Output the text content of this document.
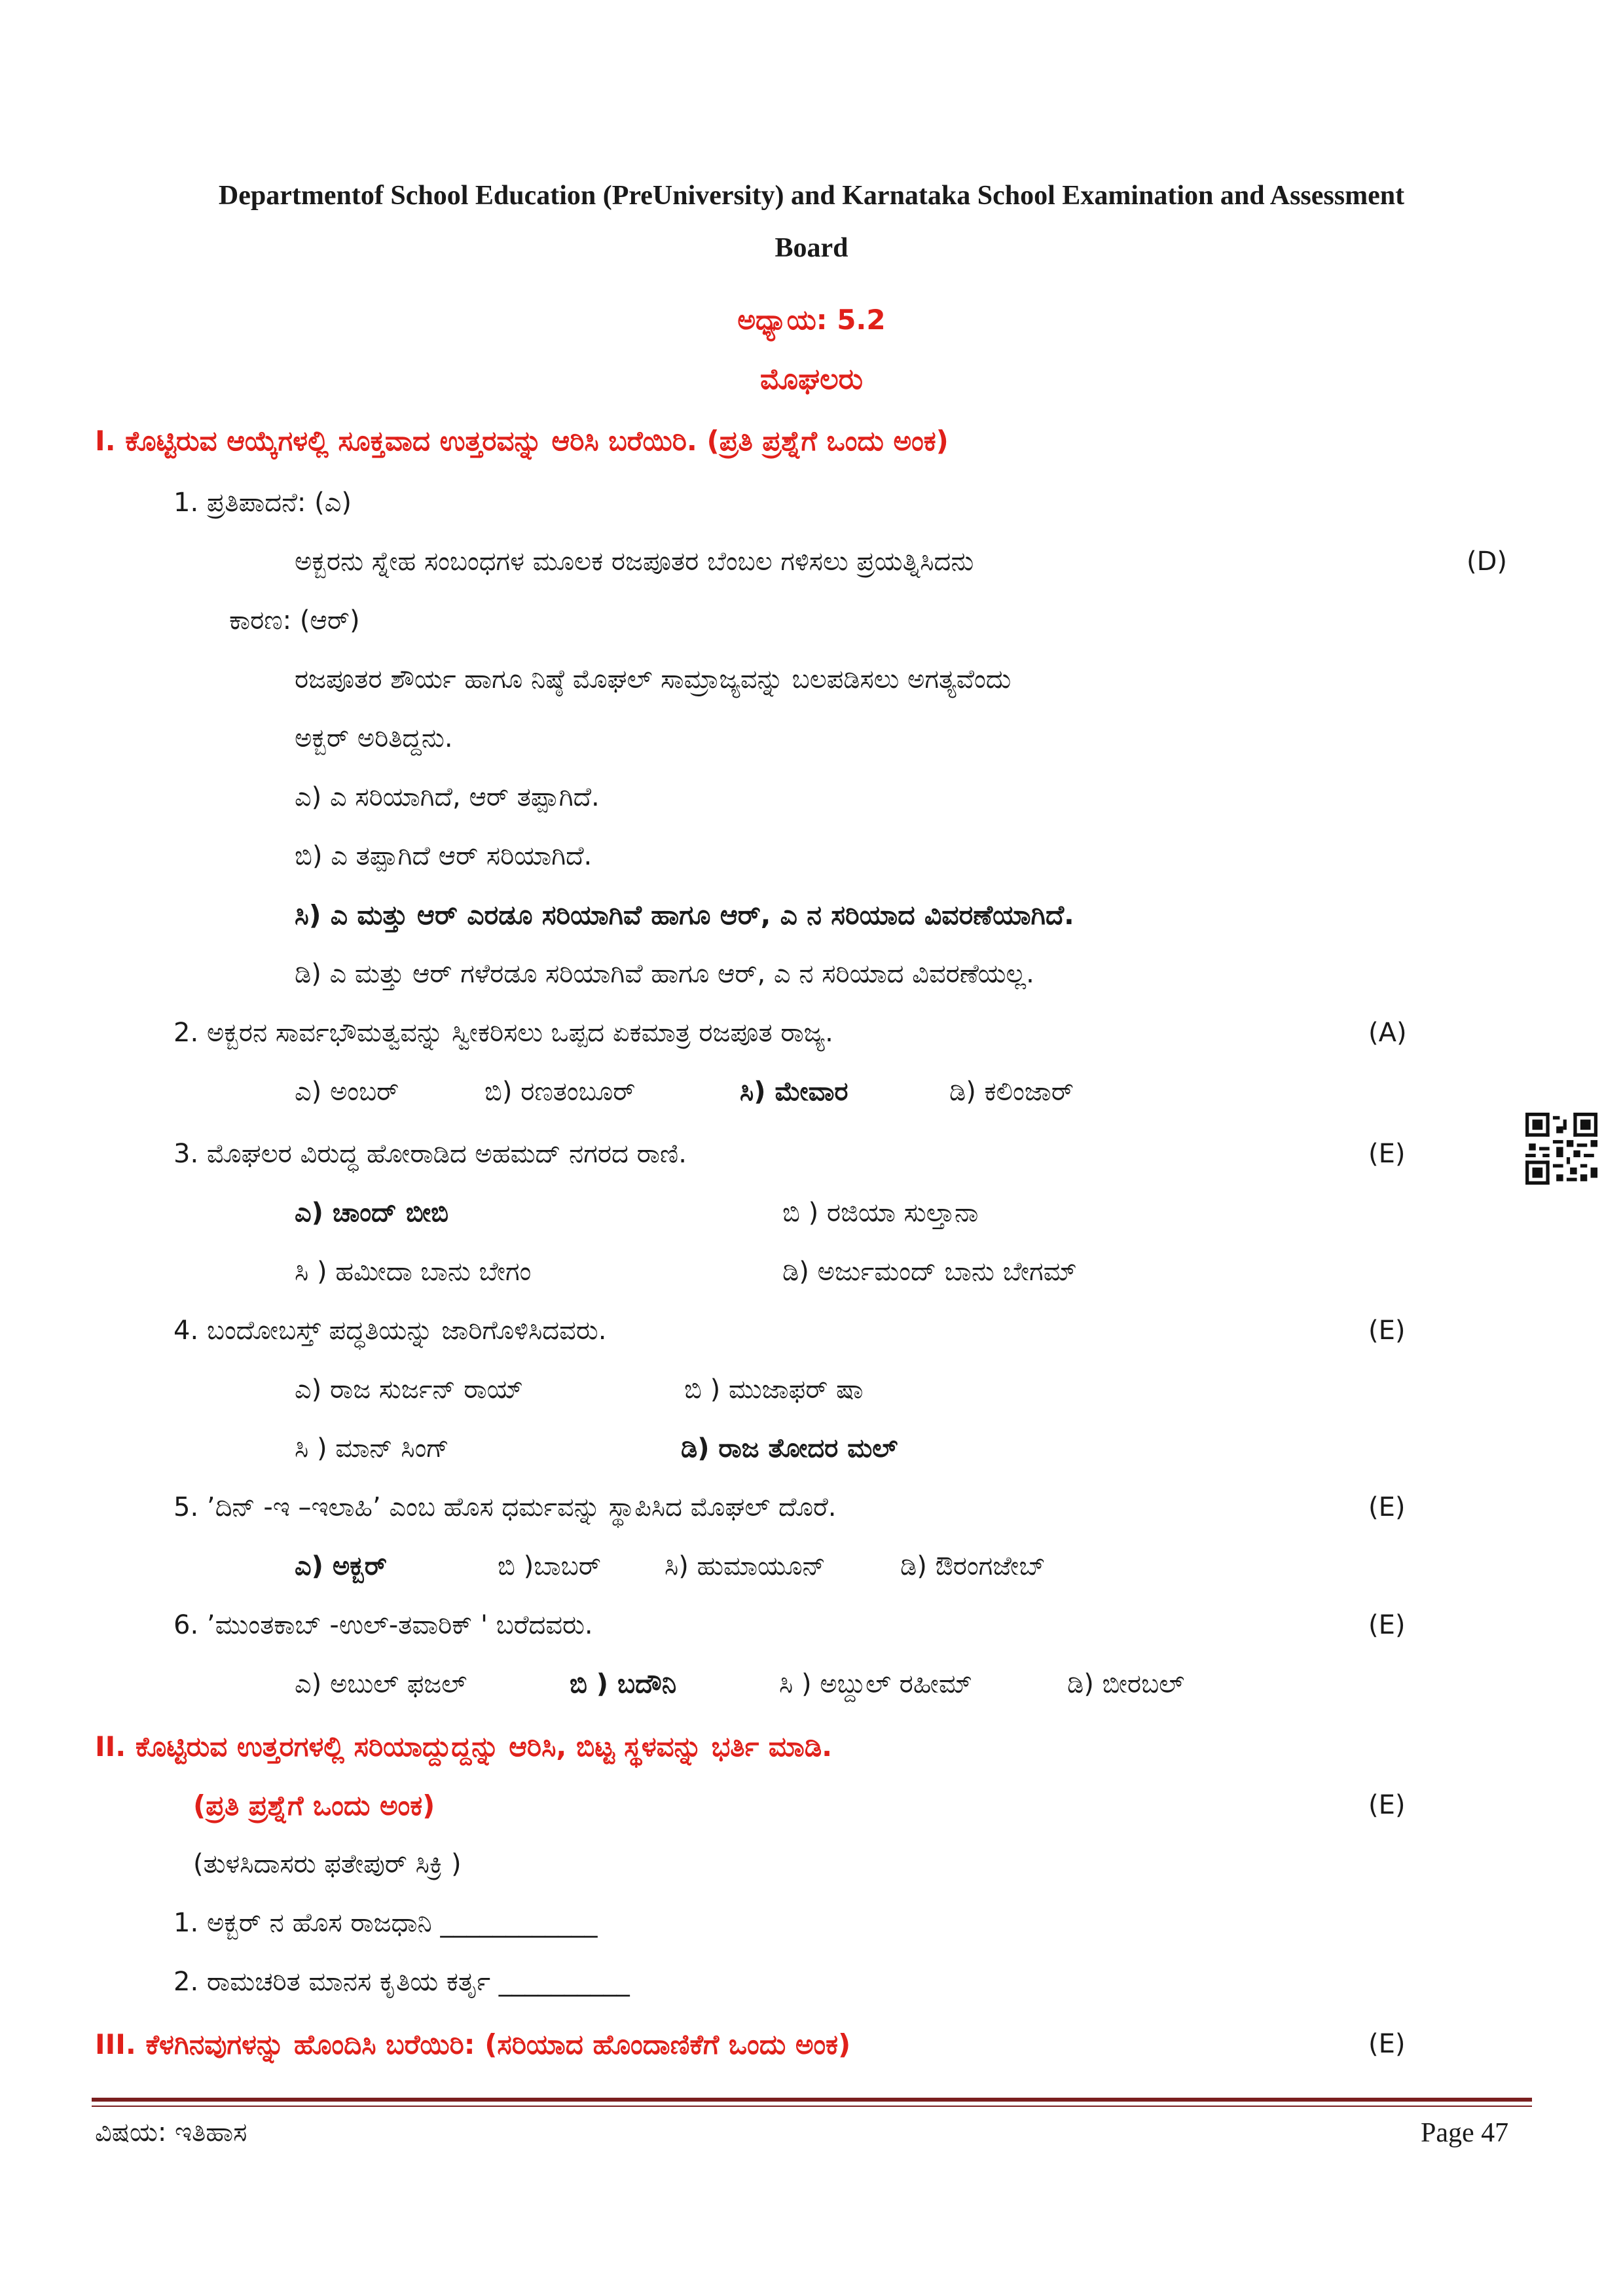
Departmentof School Education (PreUniversity) and Karnataka School Examination and Assessment
Board
ಅಧ್ಯಾಯ: 5.2
ಮೊಘಲರು
I. ಕೊಟ್ಟಿರುವ ಆಯ್ಕೆಗಳಲ್ಲಿ ಸೂಕ್ತವಾದ ಉತ್ತರವನ್ನು ಆರಿಸಿ ಬರೆಯಿರಿ. (ಪ್ರತಿ ಪ್ರಶ್ನೆಗೆ ಒಂದು ಅಂಕ)
1. ಪ್ರತಿಪಾದನೆ: (ಎ)
ಅಕ್ಬರನು ಸ್ನೇಹ ಸಂಬಂಧಗಳ ಮೂಲಕ ರಜಪೂತರ ಬೆಂಬಲ ಗಳಿಸಲು ಪ್ರಯತ್ನಿಸಿದನು	(D)
ಕಾರಣ: (ಆರ್)
ರಜಪೂತರ ಶೌರ್ಯ ಹಾಗೂ ನಿಷ್ಠೆ ಮೊಘಲ್ ಸಾಮ್ರಾಜ್ಯವನ್ನು ಬಲಪಡಿಸಲು ಅಗತ್ಯವೆಂದು
ಅಕ್ಬರ್ ಅರಿತಿದ್ದನು.
ಎ) ಎ ಸರಿಯಾಗಿದೆ, ಆರ್ ತಪ್ಪಾಗಿದೆ.
ಬಿ) ಎ ತಪ್ಪಾಗಿದೆ ಆರ್ ಸರಿಯಾಗಿದೆ.
ಸಿ) ಎ ಮತ್ತು ಆರ್ ಎರಡೂ ಸರಿಯಾಗಿವೆ ಹಾಗೂ ಆರ್, ಎ ನ ಸರಿಯಾದ ವಿವರಣೆಯಾಗಿದೆ.
ಡಿ) ಎ ಮತ್ತು ಆರ್ ಗಳೆರಡೂ ಸರಿಯಾಗಿವೆ ಹಾಗೂ ಆರ್, ಎ ನ ಸರಿಯಾದ ವಿವರಣೆಯಲ್ಲ.
2. ಅಕ್ಬರನ ಸಾರ್ವಭೌಮತ್ವವನ್ನು ಸ್ವೀಕರಿಸಲು ಒಪ್ಪದ ಏಕಮಾತ್ರ ರಜಪೂತ ರಾಜ್ಯ.	(A)
ಎ) ಅಂಬರ್	ಬಿ) ರಣತಂಬೂರ್	ಸಿ) ಮೇವಾರ	ಡಿ) ಕಲಿಂಜಾರ್
3. ಮೊಘಲರ ವಿರುದ್ಧ ಹೋರಾಡಿದ ಅಹಮದ್ ನಗರದ ರಾಣಿ.	(E)
ಎ) ಚಾಂದ್ ಬೀಬಿ	ಬಿ ) ರಜಿಯಾ ಸುಲ್ತಾನಾ
ಸಿ ) ಹಮೀದಾ ಬಾನು ಬೇಗಂ	ಡಿ) ಅರ್ಜುಮಂದ್ ಬಾನು ಬೇಗಮ್
4. ಬಂದೋಬಸ್ತ್ ಪದ್ಧತಿಯನ್ನು ಜಾರಿಗೊಳಿಸಿದವರು.	(E)
ಎ) ರಾಜ ಸುರ್ಜನ್ ರಾಯ್	ಬಿ ) ಮುಜಾಫರ್ ಷಾ
ಸಿ ) ಮಾನ್ ಸಿಂಗ್	ಡಿ) ರಾಜ ತೋದರ ಮಲ್
5. ’ದಿನ್ -ಇ –ಇಲಾಹಿ’ ಎಂಬ ಹೊಸ ಧರ್ಮವನ್ನು ಸ್ಥಾಪಿಸಿದ ಮೊಘಲ್ ದೊರೆ.	(E)
ಎ) ಅಕ್ಬರ್	ಬಿ )ಬಾಬರ್ ಸಿ) ಹುಮಾಯೂನ್	ಡಿ) ಔರಂಗಜೇಬ್
6. ’ಮುಂತಕಾಬ್ -ಉಲ್-ತವಾರಿಕ್ ' ಬರೆದವರು.	(E)
ಎ) ಅಬುಲ್ ಫಜಲ್	ಬಿ ) ಬದೌನಿ	ಸಿ ) ಅಬ್ದುಲ್ ರಹೀಮ್	ಡಿ) ಬೀರಬಲ್
II. ಕೊಟ್ಟಿರುವ ಉತ್ತರಗಳಲ್ಲಿ ಸರಿಯಾದ್ದುದ್ದನ್ನು ಆರಿಸಿ, ಬಿಟ್ಟ ಸ್ಥಳವನ್ನು ಭರ್ತಿ ಮಾಡಿ.
(ಪ್ರತಿ ಪ್ರಶ್ನೆಗೆ ಒಂದು ಅಂಕ)	(E)
(ತುಳಸಿದಾಸರು ಫತೇಪುರ್ ಸಿಕ್ರಿ )
1. ಅಕ್ಬರ್ ನ ಹೊಸ ರಾಜಧಾನಿ ____________
2. ರಾಮಚರಿತ ಮಾನಸ ಕೃತಿಯ ಕರ್ತೃ __________
III. ಕೆಳಗಿನವುಗಳನ್ನು ಹೊಂದಿಸಿ ಬರೆಯಿರಿ: (ಸರಿಯಾದ ಹೊಂದಾಣಿಕೆಗೆ ಒಂದು ಅಂಕ)	(E)
ವಿಷಯ: ಇತಿಹಾಸ	Page 47
